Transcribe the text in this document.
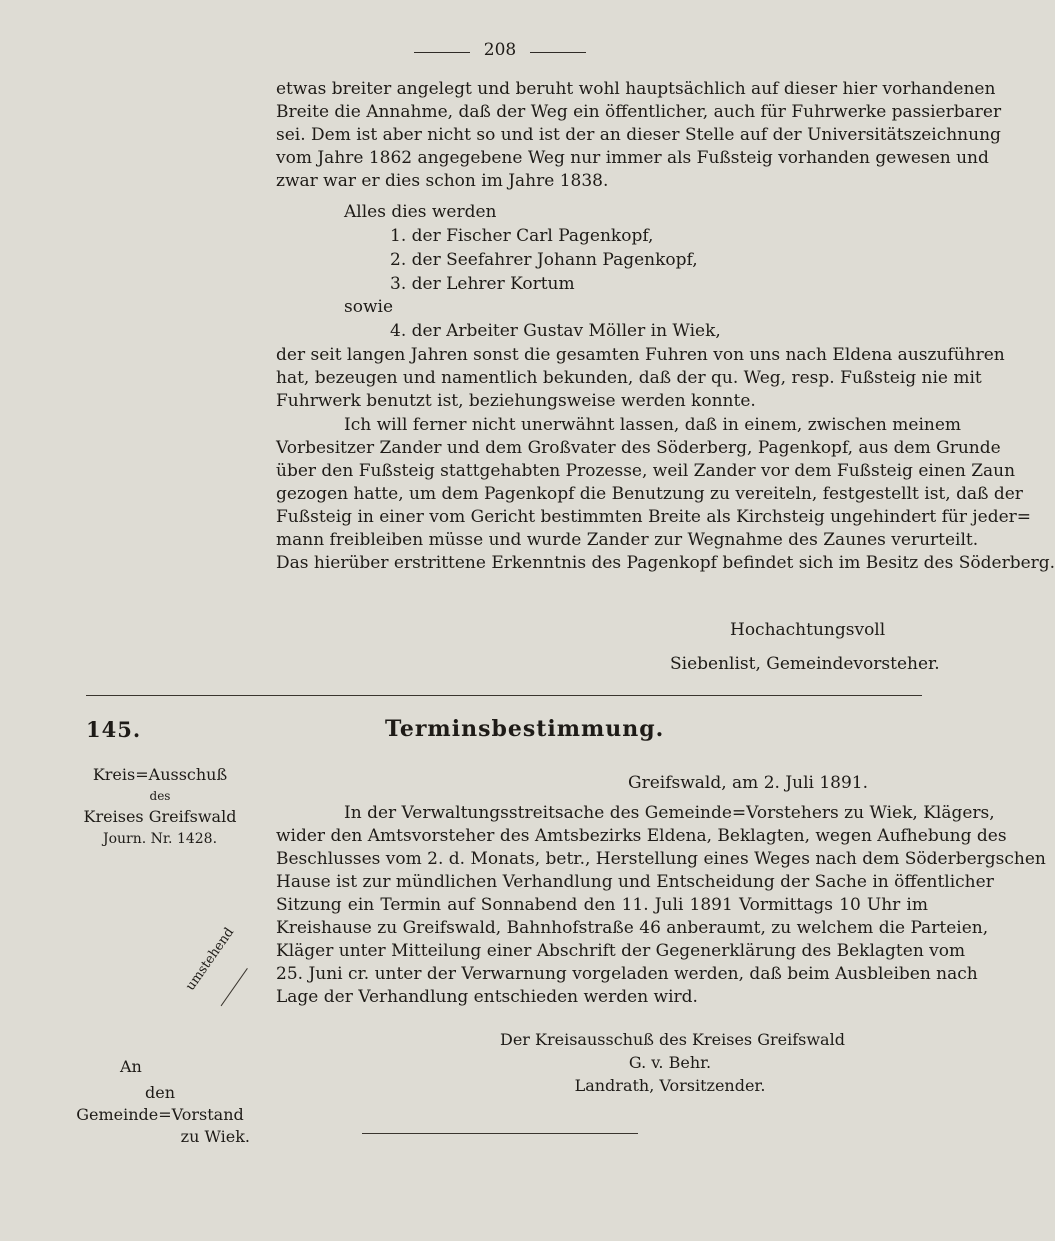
208
etwas breiter angelegt und beruht wohl hauptsächlich auf dieser hier vorhandenen
Breite die Annahme, daß der Weg ein öffentlicher, auch für Fuhrwerke passierbarer
sei. Dem ist aber nicht so und ist der an dieser Stelle auf der Universitätszeichnung
vom Jahre 1862 angegebene Weg nur immer als Fußsteig vorhanden gewesen und
zwar war er dies schon im Jahre 1838.
Alles dies werden
1. der Fischer Carl Pagenkopf,
2. der Seefahrer Johann Pagenkopf,
3. der Lehrer Kortum
sowie
4. der Arbeiter Gustav Möller in Wiek,
der seit langen Jahren sonst die gesamten Fuhren von uns nach Eldena auszuführen
hat, bezeugen und namentlich bekunden, daß der qu. Weg, resp. Fußsteig nie mit
Fuhrwerk benutzt ist, beziehungsweise werden konnte.
Ich will ferner nicht unerwähnt lassen, daß in einem, zwischen meinem
Vorbesitzer Zander und dem Großvater des Söderberg, Pagenkopf, aus dem Grunde
über den Fußsteig stattgehabten Prozesse, weil Zander vor dem Fußsteig einen Zaun
gezogen hatte, um dem Pagenkopf die Benutzung zu vereiteln, festgestellt ist, daß der
Fußsteig in einer vom Gericht bestimmten Breite als Kirchsteig ungehindert für jeder=
mann freibleiben müsse und wurde Zander zur Wegnahme des Zaunes verurteilt.
Das hierüber erstrittene Erkenntnis des Pagenkopf befindet sich im Besitz des Söderberg.
Hochachtungsvoll
Siebenlist, Gemeindevorsteher.
145.	Terminsbestimmung.
Kreis=Ausschuß
des
Kreises Greifswald
Journ. Nr. 1428.
umstehend
An
den Gemeinde=Vorstand
zu Wiek.
Greifswald, am 2. Juli 1891.
In der Verwaltungsstreitsache des Gemeinde=Vorstehers zu Wiek, Klägers,
wider den Amtsvorsteher des Amtsbezirks Eldena, Beklagten, wegen Aufhebung des
Beschlusses vom 2. d. Monats, betr., Herstellung eines Weges nach dem Söderbergschen
Hause ist zur mündlichen Verhandlung und Entscheidung der Sache in öffentlicher
Sitzung ein Termin auf Sonnabend den 11. Juli 1891 Vormittags 10 Uhr im
Kreishause zu Greifswald, Bahnhofstraße 46 anberaumt, zu welchem die Parteien,
Kläger unter Mitteilung einer Abschrift der Gegenerklärung des Beklagten vom
25. Juni cr. unter der Verwarnung vorgeladen werden, daß beim Ausbleiben nach
Lage der Verhandlung entschieden werden wird.
Der Kreisausschuß des Kreises Greifswald
G. v. Behr.
Landrath, Vorsitzender.
